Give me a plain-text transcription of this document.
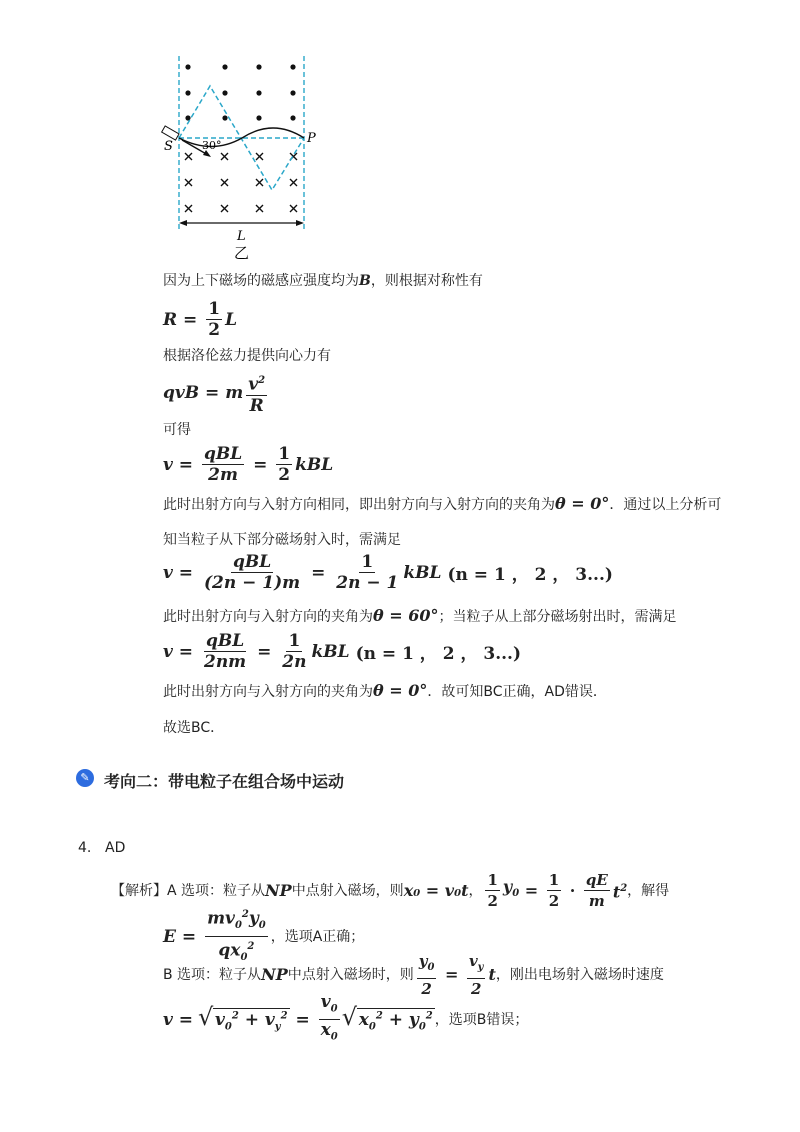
S
P
30°
L
乙
因为上下磁场的磁感应强度均为B，则根据对称性有
$R = \frac{1}{2}$ L
根据洛伦兹力提供向心力有
qvB = m $\frac{v^2}{R}$
可得
$v = \frac{\text{qBL}}{2m} = \frac{1}{2}$ kBL
此时出射方向与入射方向相同，即出射方向与入射方向的夹角为θ = 0°．通过以上分析可
知当粒子从下部分磁场射入时，需满足
$v = \frac{\text{qBL}}{(2n - 1)m} = \frac{1}{2n - 1}$ kBL (n = 1 ， 2 ， 3...)
此时出射方向与入射方向的夹角为θ = 60°；当粒子从上部分磁场射出时，需满足
$v = \frac{\text{qBL}}{2nm} = \frac{1}{2n}$ kBL (n = 1 ， 2 ， 3...)
此时出射方向与入射方向的夹角为θ = 0°．故可知BC正确，AD错误．
故选BC．
✎ 考向二：带电粒子在组合场中运动
4. AD
【解析】 A 选项：粒子从 NP 中点射入磁场，则 x₀ = v₀t ， $\frac{1}{2} y_0 = \frac{1}{2} \cdot \frac{qE}{m} t^2$ ，解得
$E = \frac{mv_0^2y_0}{qx_0^2}$ ，选项A正确；
B 选项：粒子从 NP 中点射入磁场时，则 $\frac{y_0}{2} = \frac{v_y}{2}$ t ，刚出电场射入磁场时速度
v = √ $v_0^2 + v_y^2 = \frac{v_0}{x_0}$ √ $x_0^2 + y_0^2$ ，选项B错误；
